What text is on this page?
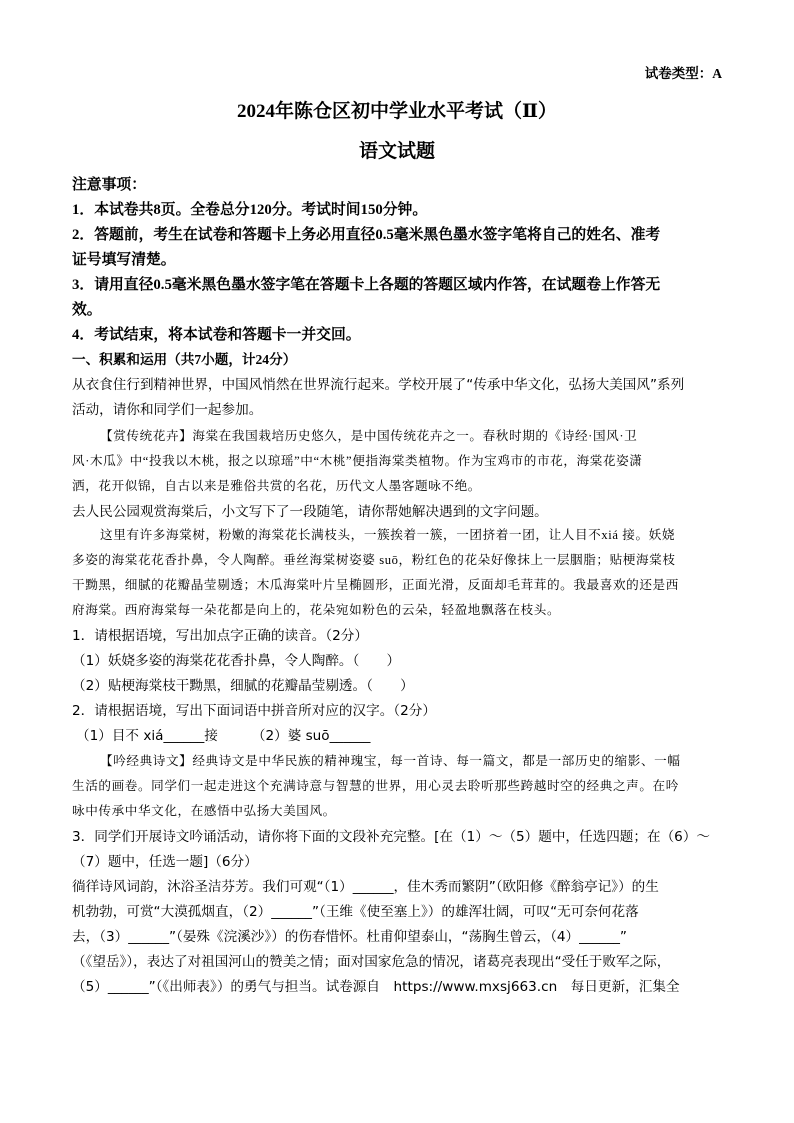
试卷类型：A
2024年陈仓区初中学业水平考试（Ⅱ）
语文试题
注意事项：
1．本试卷共8页。全卷总分120分。考试时间150分钟。
2．答题前，考生在试卷和答题卡上务必用直径0.5毫米黑色墨水签字笔将自己的姓名、准考
证号填写清楚。
3．请用直径0.5毫米黑色墨水签字笔在答题卡上各题的答题区域内作答，在试题卷上作答无
效。
4．考试结束，将本试卷和答题卡一并交回。
一、积累和运用（共7小题，计24分）
从衣食住行到精神世界，中国风悄然在世界流行起来。学校开展了“传承中华文化，弘扬大美国风”系列
活动，请你和同学们一起参加。
【赏传统花卉】海棠在我国栽培历史悠久，是中国传统花卉之一。春秋时期的《诗经·国风·卫
风·木瓜》中“投我以木桃，报之以琼瑶”中“木桃”便指海棠类植物。作为宝鸡市的市花，海棠花姿潇
洒，花开似锦，自古以来是雅俗共赏的名花，历代文人墨客题咏不绝。
去人民公园观赏海棠后，小文写下了一段随笔，请你帮她解决遇到的文字问题。
这里有许多海棠树，粉嫩的海棠花长满枝头，一簇挨着一簇，一团挤着一团，让人目不xiá 接。妖娆
多姿的海棠花花香扑鼻，令人陶醉。垂丝海棠树姿婆 suō，粉红色的花朵好像抹上一层胭脂；贴梗海棠枝
干黝黑，细腻的花瓣晶莹剔透；木瓜海棠叶片呈椭圆形，正面光滑，反面却毛茸茸的。我最喜欢的还是西
府海棠。西府海棠每一朵花都是向上的，花朵宛如粉色的云朵，轻盈地飘落在枝头。
1．请根据语境，写出加点字正确的读音。（2分）
（1）妖娆多姿的海棠花花香扑鼻，令人陶醉。（　　）
（2）贴梗海棠枝干黝黑，细腻的花瓣晶莹剔透。（　　）
2．请根据语境，写出下面词语中拼音所对应的汉字。（2分）
（1）目不 xiá______接　　　（2）婆 suō______
【吟经典诗文】经典诗文是中华民族的精神瑰宝，每一首诗、每一篇文，都是一部历史的缩影、一幅
生活的画卷。同学们一起走进这个充满诗意与智慧的世界，用心灵去聆听那些跨越时空的经典之声。在吟
咏中传承中华文化，在感悟中弘扬大美国风。
3．同学们开展诗文吟诵活动，请你将下面的文段补充完整。[在（1）～（5）题中，任选四题；在（6）～
（7）题中，任选一题]（6分）
徜徉诗风词韵，沐浴圣洁芬芳。我们可观“（1）______，佳木秀而繁阴”（欧阳修《醉翁亭记》）的生
机勃勃，可赏“大漠孤烟直，（2）______”（王维《使至塞上》）的雄浑壮阔，可叹“无可奈何花落
去，（3）______”（晏殊《浣溪沙》）的伤春惜怀。杜甫仰望泰山，“荡胸生曾云，（4）______”
（《望岳》），表达了对祖国河山的赞美之情；面对国家危急的情况，诸葛亮表现出“受任于败军之际，
（5）______”（《出师表》）的勇气与担当。试卷源自　https://www.mxsj663.cn　每日更新，汇集全
